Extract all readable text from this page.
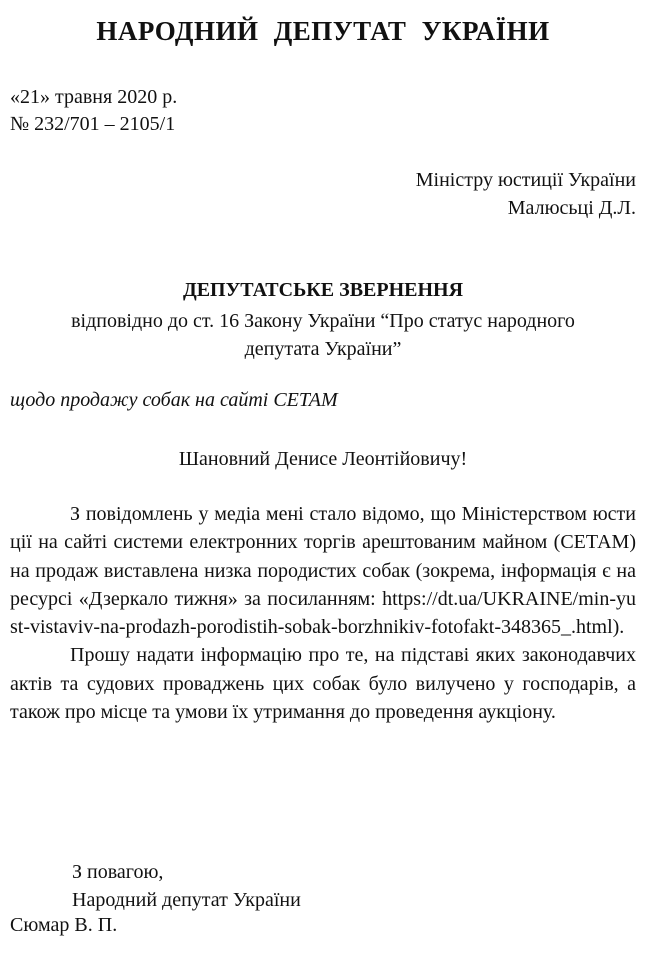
НАРОДНИЙ ДЕПУТАТ УКРАЇНИ
«21» травня 2020 р.
№ 232/701 – 2105/1
Міністру юстиції України
Малюсьці Д.Л.
ДЕПУТАТСЬКЕ ЗВЕРНЕННЯ
відповідно до ст. 16 Закону України “Про статус народного
депутата України”
щодо продажу собак на сайті СЕТАМ
Шановний Денисе Леонтійовичу!

З повідомлень у медіа мені стало відомо, що Міністерством юстиції на сайті системи електронних торгів арештованим майном (СЕТАМ) на продаж виставлена низка породистих собак (зокрема, інформація є на ресурсі «Дзеркало тижня» за посиланням: https://dt.ua/UKRAINE/min-yust-vistaviv-na-prodazh-porodistih-sobak-borzhnikiv-fotofakt-348365_.html).

Прошу надати інформацію про те, на підставі яких законодавчих актів та судових проваджень цих собак було вилучено у господарів, а також про місце та умови їх утримання до проведення аукціону.

З повагою,
Народний депутат України
Сюмар В. П.
